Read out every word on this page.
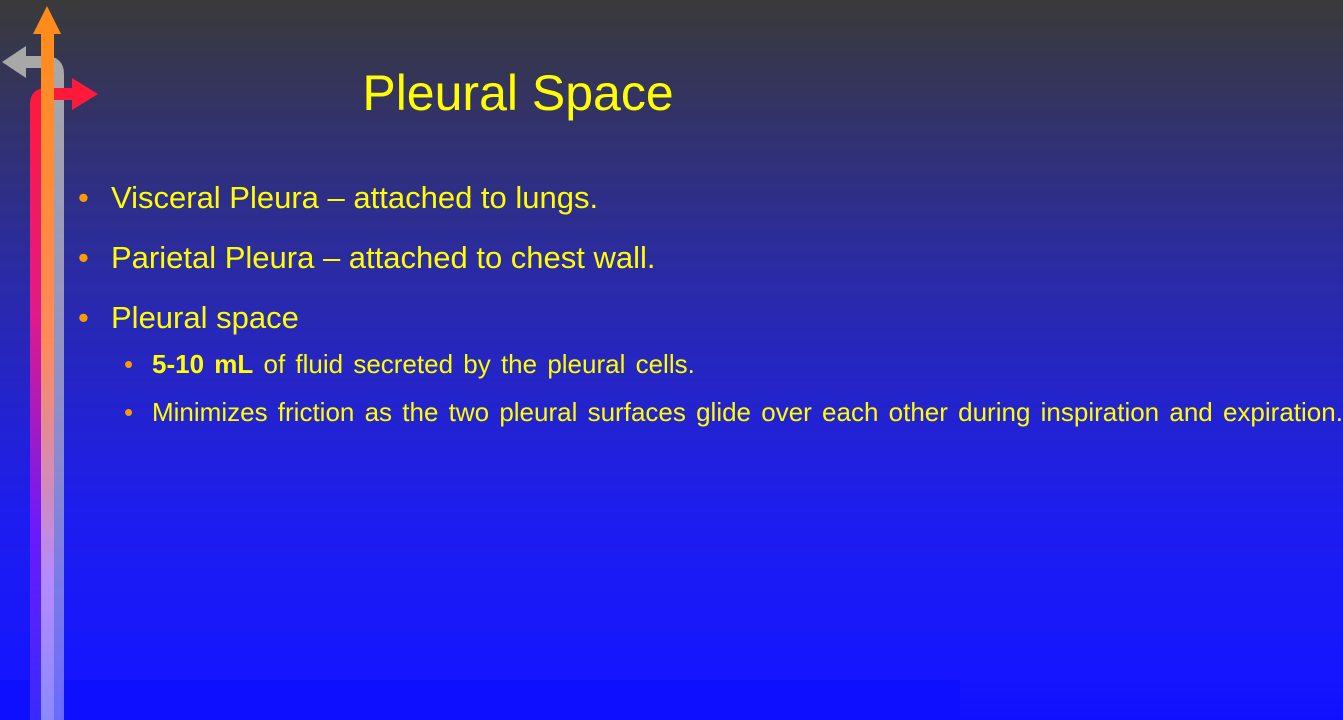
Pleural Space
• Visceral Pleura – attached to lungs.
• Parietal Pleura – attached to chest wall.
• Pleural space
• 5-10 mL of fluid secreted by the pleural cells.
• Minimizes friction as the two pleural surfaces glide over each other during inspiration and expiration.
